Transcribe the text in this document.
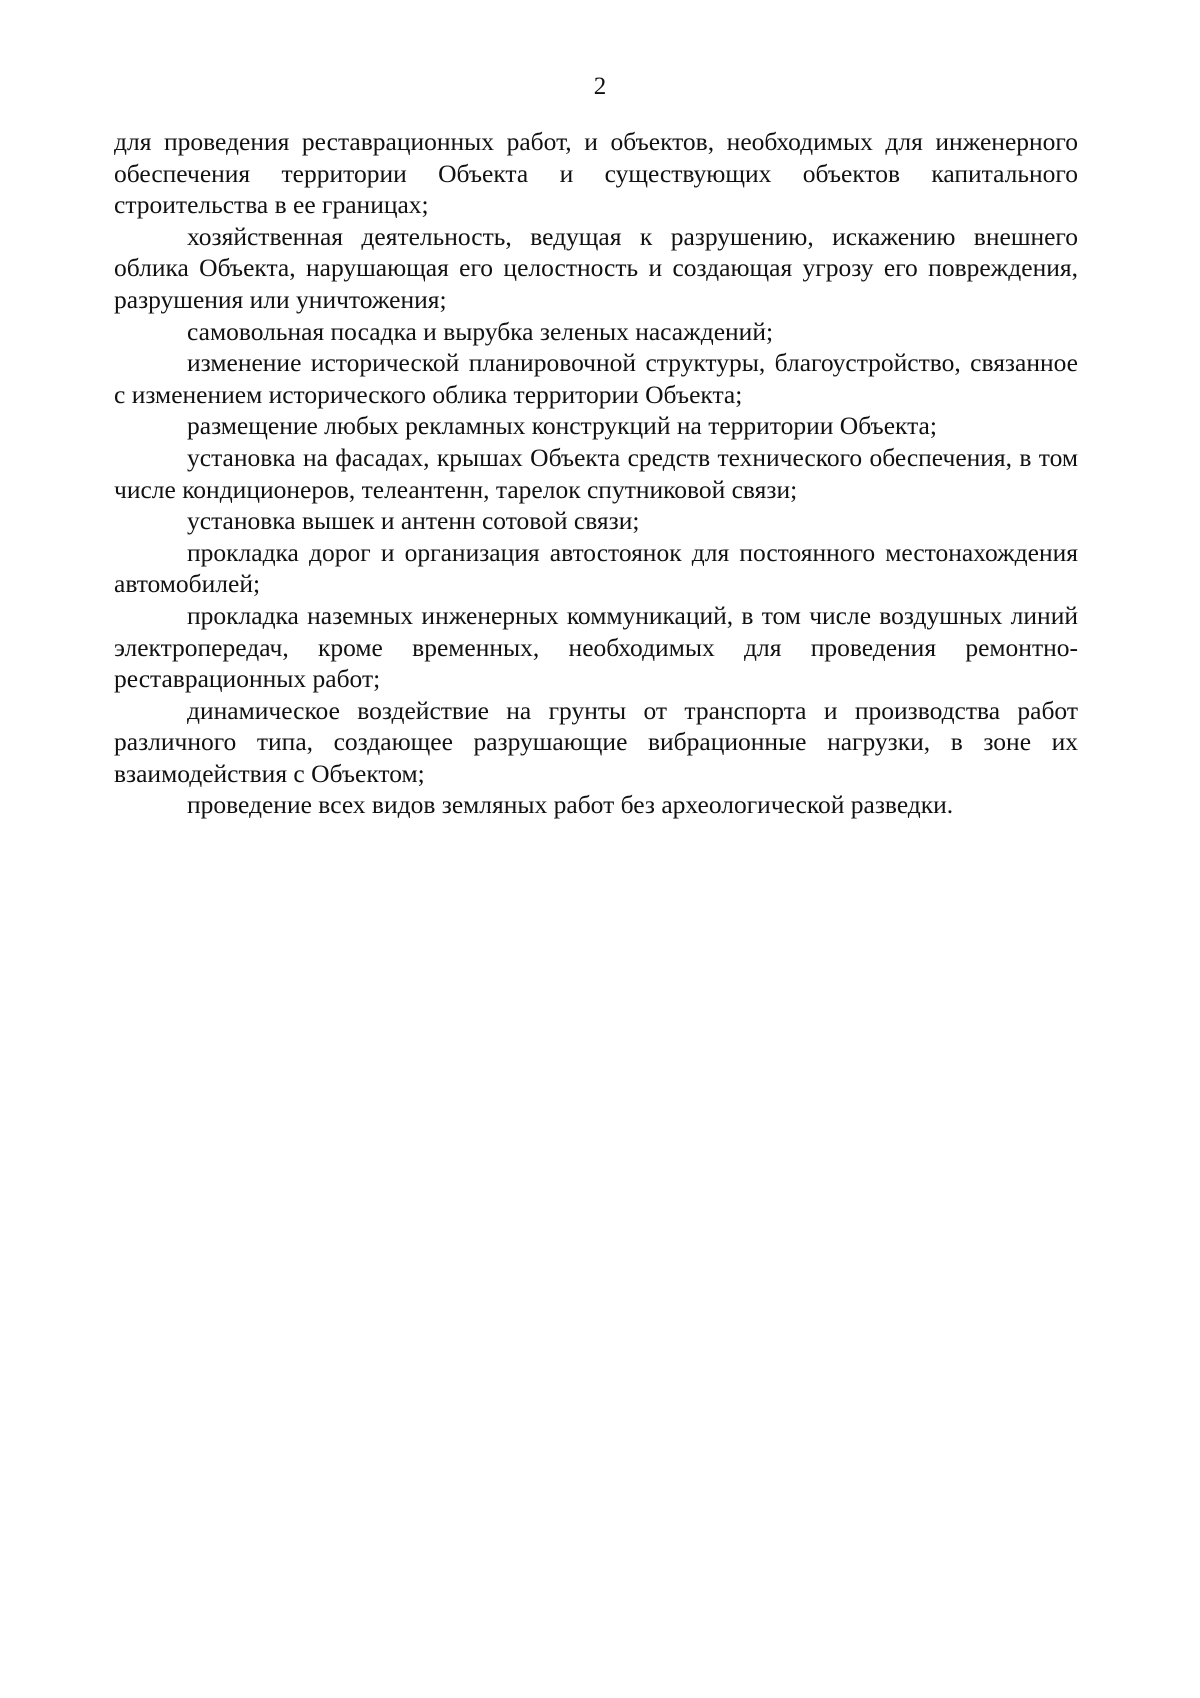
2

для проведения реставрационных работ, и объектов, необходимых для инженерного обеспечения территории Объекта и существующих объектов капитального строительства в ее границах;

хозяйственная деятельность, ведущая к разрушению, искажению внешнего облика Объекта, нарушающая его целостность и создающая угрозу его повреждения, разрушения или уничтожения;

самовольная посадка и вырубка зеленых насаждений;

изменение исторической планировочной структуры, благоустройство, связанное с изменением исторического облика территории Объекта;

размещение любых рекламных конструкций на территории Объекта;

установка на фасадах, крышах Объекта средств технического обеспечения, в том числе кондиционеров, телеантенн, тарелок спутниковой связи;

установка вышек и антенн сотовой связи;

прокладка дорог и организация автостоянок для постоянного местонахождения автомобилей;

прокладка наземных инженерных коммуникаций, в том числе воздушных линий электропередач, кроме временных, необходимых для проведения ремонтно-реставрационных работ;

динамическое воздействие на грунты от транспорта и производства работ различного типа, создающее разрушающие вибрационные нагрузки, в зоне их взаимодействия с Объектом;

проведение всех видов земляных работ без археологической разведки.
